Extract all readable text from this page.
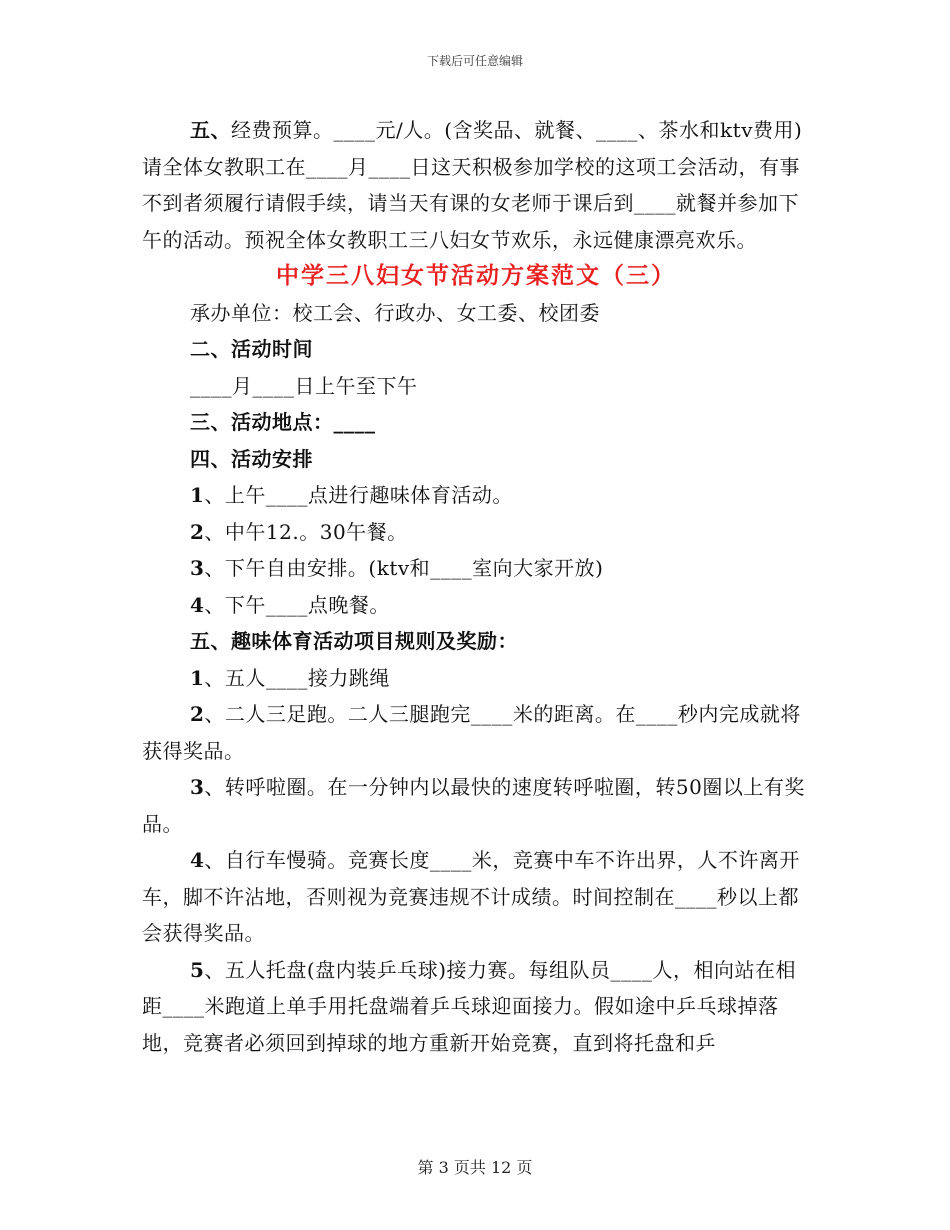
下载后可任意编辑

五、经费预算。____元/人。(含奖品、就餐、____、茶水和ktv费用)请全体女教职工在____月____日这天积极参加学校的这项工会活动，有事不到者须履行请假手续，请当天有课的女老师于课后到____就餐并参加下午的活动。预祝全体女教职工三八妇女节欢乐，永远健康漂亮欢乐。

中学三八妇女节活动方案范文（三）

承办单位：校工会、行政办、女工委、校团委

二、活动时间

____月____日上午至下午

三、活动地点：____

四、活动安排

1、上午____点进行趣味体育活动。

2、中午12.。30午餐。

3、下午自由安排。(ktv和____室向大家开放)

4、下午____点晚餐。

五、趣味体育活动项目规则及奖励：

1、五人____接力跳绳

2、二人三足跑。二人三腿跑完____米的距离。在____秒内完成就将获得奖品。

3、转呼啦圈。在一分钟内以最快的速度转呼啦圈，转50圈以上有奖品。

4、自行车慢骑。竞赛长度____米，竞赛中车不许出界，人不许离开车，脚不许沾地，否则视为竞赛违规不计成绩。时间控制在____秒以上都会获得奖品。

5、五人托盘(盘内装乒乓球)接力赛。每组队员____人，相向站在相距____米跑道上单手用托盘端着乒乓球迎面接力。假如途中乒乓球掉落地，竞赛者必须回到掉球的地方重新开始竞赛，直到将托盘和乒

第 3 页共 12 页
